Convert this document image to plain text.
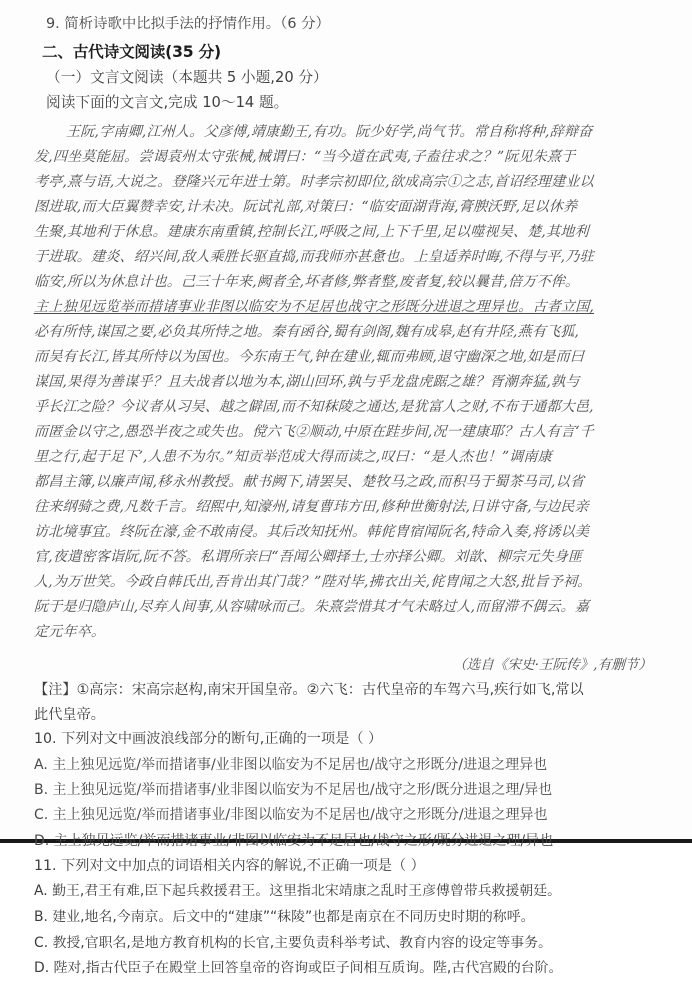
9. 简析诗歌中比拟手法的抒情作用。（6 分）
二、古代诗文阅读(35 分)
（一）文言文阅读（本题共 5 小题,20 分）
阅读下面的文言文,完成 10～14 题。
王阮,字南卿,江州人。父彦傅,靖康勤王,有功。阮少好学,尚气节。常自称将种,辞辩奋
发,四坐莫能屈。尝谒袁州太守张械,械谓曰：“当今道在武夷,子盍往求之？”阮见朱熹于
考亭,熹与语,大说之。登隆兴元年进士第。时孝宗初即位,欲成高宗①之志,首诏经理建业以
图进取,而大臣翼赞幸安,计未决。阮试礼部,对策曰：“临安面湖背海,膏腴沃野,足以休养
生聚,其地利于休息。建康东南重镇,控制长江,呼吸之间,上下千里,足以噬视吴、楚,其地利
于进取。建炎、绍兴间,敌人乘胜长驱直捣,而我师亦甚惫也。上皇适养时晦,不得与平,乃驻
临安,所以为休息计也。己三十年来,阙者全,坏者修,弊者整,废者复,较以曩昔,倍万不侔。
主上独见远览举而措诸事业非图以临安为不足居也战守之形既分进退之理异也。古者立国,
必有所恃,谋国之要,必负其所恃之地。秦有函谷,蜀有剑阁,魏有成皋,赵有井陉,燕有飞狐,
而吴有长江,皆其所恃以为国也。今东南王气,钟在建业,辄而弗顾,退守幽深之地,如是而曰
谋国,果得为善谋乎？且夫战者以地为本,湖山回环,孰与乎龙盘虎踞之雄？胥潮奔猛,孰与
乎长江之险？今议者从习吴、越之僻固,而不知秣陵之通达,是犹富人之财,不布于通都大邑,
而匿金以守之,愚恐半夜之或失也。傥六飞②顺动,中原在跬步间,况一建康耶？古人有言‘千
里之行,起于足下’,人患不为尔。”知贡举范成大得而读之,叹曰：“是人杰也！”调南康
都昌主簿,以廉声闻,移永州教授。献书阙下,请罢吴、楚牧马之政,而积马于蜀茶马司,以省
往来纲骑之费,凡数千言。绍熙中,知濠州,请复曹玮方田,修种世衡射法,日讲守备,与边民亲
访北境事宜。终阮在濠,金不敢南侵。其后改知抚州。韩侂胄宿闻阮名,特命入奏,将诱以美
官,夜遣密客诣阮,阮不答。私谓所亲曰“吾闻公卿择士,士亦择公卿。刘歆、柳宗元失身匪
人,为万世笑。今政自韩氏出,吾肯出其门哉？”陛对毕,拂衣出关,侂胄闻之大怒,批旨予祠。
阮于是归隐庐山,尽弃人间事,从容啸咏而己。朱熹尝惜其才气未略过人,而留滞不偶云。嘉
定元年卒。
（选自《宋史·王阮传》,有删节）
【注】①高宗：宋高宗赵构,南宋开国皇帝。②六飞：古代皇帝的车驾六马,疾行如飞,常以
此代皇帝。
10. 下列对文中画波浪线部分的断句,正确的一项是（ ）
A. 主上独见远览/举而措诸事/业非图以临安为不足居也/战守之形既分/进退之理异也
B. 主上独见远览/举而措诸事/业非图以临安为不足居也/战守之形/既分进退之理/异也
C. 主上独见远览/举而措诸事业/非图以临安为不足居也/战守之形既分/进退之理异也
D. 主上独见远览/举而措诸事业/非图以临安为不足居也/战守之形/既分进退之理/异也
11. 下列对文中加点的词语相关内容的解说,不正确一项是（ ）
A. 勤王,君王有难,臣下起兵救援君王。这里指北宋靖康之乱时王彦傅曾带兵救援朝廷。
B. 建业,地名,今南京。后文中的“建康”“秣陵”也都是南京在不同历史时期的称呼。
C. 教授,官职名,是地方教育机构的长官,主要负责科举考试、教育内容的设定等事务。
D. 陛对,指古代臣子在殿堂上回答皇帝的咨询或臣子间相互质询。陛,古代宫殿的台阶。
